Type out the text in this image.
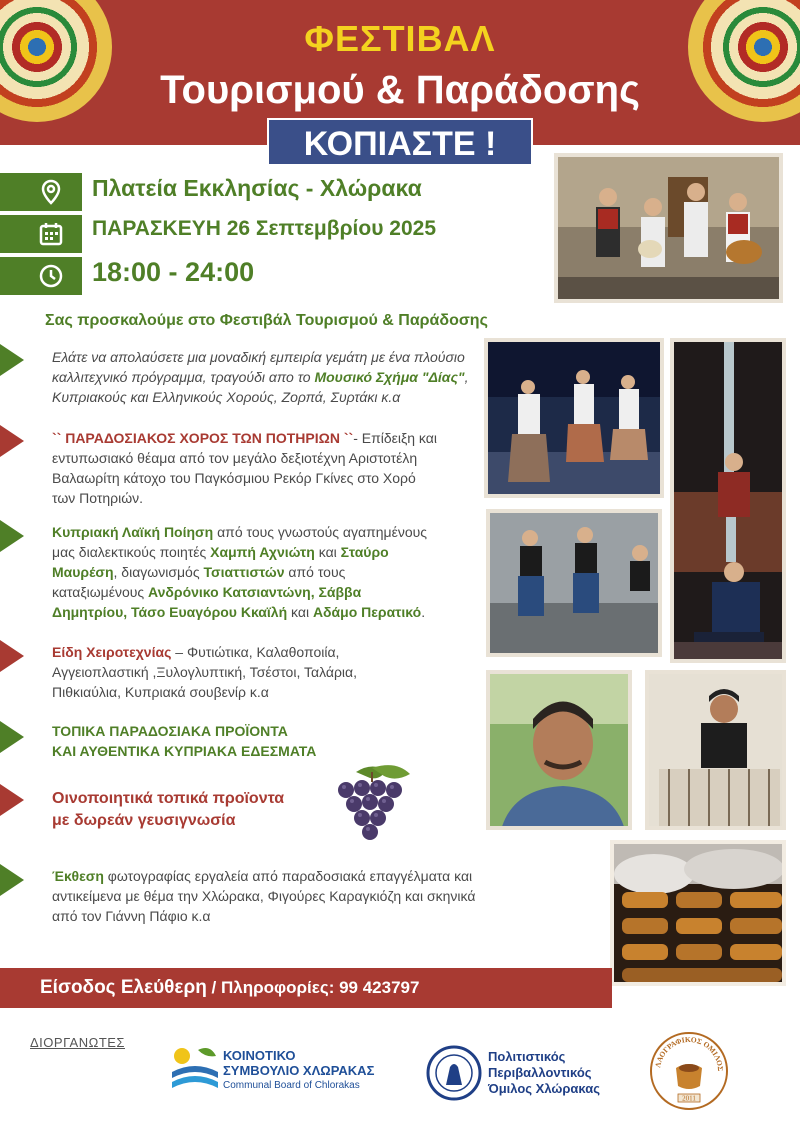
ΦΕΣΤΙΒΑΛ
Τουρισμού & Παράδοσης
ΚΟΠΙΑΣΤΕ !
Πλατεία Εκκλησίας - Χλώρακα
ΠΑΡΑΣΚΕΥΗ 26 Σεπτεμβρίου 2025
18:00 - 24:00
Σας προσκαλούμε στο Φεστιβάλ Τουρισμού & Παράδοσης
Ελάτε να απολαύσετε μια μοναδική εμπειρία γεμάτη με ένα πλούσιο
καλλιτεχνικό πρόγραμμα, τραγούδι απο το Μουσικό Σχήμα "Δίας",
Κυπριακούς και Ελληνικούς Χορούς, Ζορπά, Συρτάκι κ.α
`` ΠΑΡΑΔΟΣΙΑΚΟΣ ΧΟΡΟΣ ΤΩΝ ΠΟΤΗΡΙΩΝ ``- Επίδειξη και
εντυπωσιακό θέαμα από τον μεγάλο δεξιοτέχνη Αριστοτέλη
Βαλαωρίτη κάτοχο του Παγκόσμιου Ρεκόρ Γκίνες στο Χορό
των Ποτηριών.
Κυπριακή Λαϊκή Ποίηση από τους γνωστούς αγαπημένους
μας διαλεκτικούς ποιητές Χαμπή Αχνιώτη και Σταύρο
Μαυρέση, διαγωνισμός Τσιαττιστών από τους
καταξιωμένους Ανδρόνικο Κατσιαντώνη, Σάββα
Δημητρίου, Τάσο Ευαγόρου Κκαϊλή και Αδάμο Περατικό.
Είδη Χειροτεχνίας – Φυτιώτικα, Καλαθοποιία,
Αγγειοπλαστική ,Ξυλογλυπτική, Τσέστοι, Ταλάρια,
Πιθκιαύλια, Κυπριακά σουβενίρ κ.α
ΤΟΠΙΚΑ ΠΑΡΑΔΟΣΙΑΚΑ ΠΡΟΪΟΝΤΑ
ΚΑΙ ΑΥΘΕΝΤΙΚΑ ΚΥΠΡΙΑΚΑ ΕΔΕΣΜΑΤΑ
Οινοποιητικά τοπικά προϊοντα
με δωρεάν γευσιγνωσία
Έκθεση φωτογραφίας εργαλεία από παραδοσιακά επαγγέλματα και
αντικείμενα με θέμα την Χλώρακα, Φιγούρες Καραγκιόζη και σκηνικά
από τον Γιάννη Πάφιο κ.α
Είσοδος Ελεύθερη / Πληροφορίες: 99 423797
ΔΙΟΡΓΑΝΩΤΕΣ
ΚΟΙΝΟΤΙΚΟ
ΣΥΜΒΟΥΛΙΟ ΧΛΩΡΑΚΑΣ
Communal Board of Chlorakas
Πολιτιστικός
Περιβαλλοντικός
Όμιλος Χλώρακας
ΛΑΟΓΡΑΦΙΚΟΣ ΟΜΙΛΟΣ
2011
